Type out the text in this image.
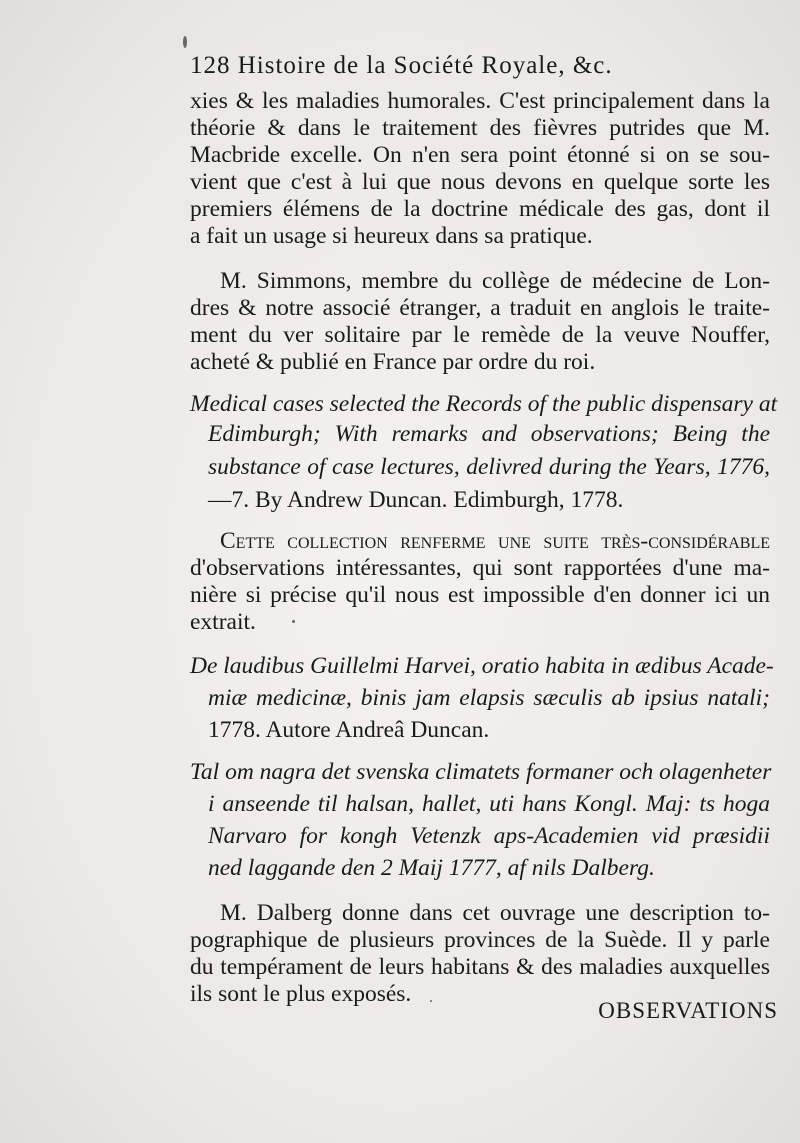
128 Histoire de la Société Royale, &c.
xies & les maladies humorales. C'est principalement dans la
théorie & dans le traitement des fièvres putrides que M.
Macbride excelle. On n'en sera point étonné si on se sou-
vient que c'est à lui que nous devons en quelque sorte les
premiers élémens de la doctrine médicale des gas, dont il
a fait un usage si heureux dans sa pratique.
M. Simmons, membre du collège de médecine de Lon-
dres & notre associé étranger, a traduit en anglois le traite-
ment du ver solitaire par le remède de la veuve Nouffer,
acheté & publié en France par ordre du roi.
Medical cases selected the Records of the public dispensary at
Edimburgh; With remarks and observations; Being the
substance of case lectures, delivred during the Years, 1776,
—7. By Andrew Duncan. Edimburgh, 1778.
Cette collection renferme une suite très-considérable
d'observations intéressantes, qui sont rapportées d'une ma-
nière si précise qu'il nous est impossible d'en donner ici un
extrait.
De laudibus Guillelmi Harvei, oratio habita in ædibus Acade-
miæ medicinæ, binis jam elapsis sæculis ab ipsius natali;
1778. Autore Andreâ Duncan.
Tal om nagra det svenska climatets formaner och olagenheter
i anseende til halsan, hallet, uti hans Kongl. Maj: ts hoga
Narvaro for kongh Vetenzk aps-Academien vid præsidii
ned laggande den 2 Maij 1777, af nils Dalberg.
M. Dalberg donne dans cet ouvrage une description to-
pographique de plusieurs provinces de la Suède. Il y parle
du tempérament de leurs habitans & des maladies auxquelles
ils sont le plus exposés.
OBSERVATIONS
